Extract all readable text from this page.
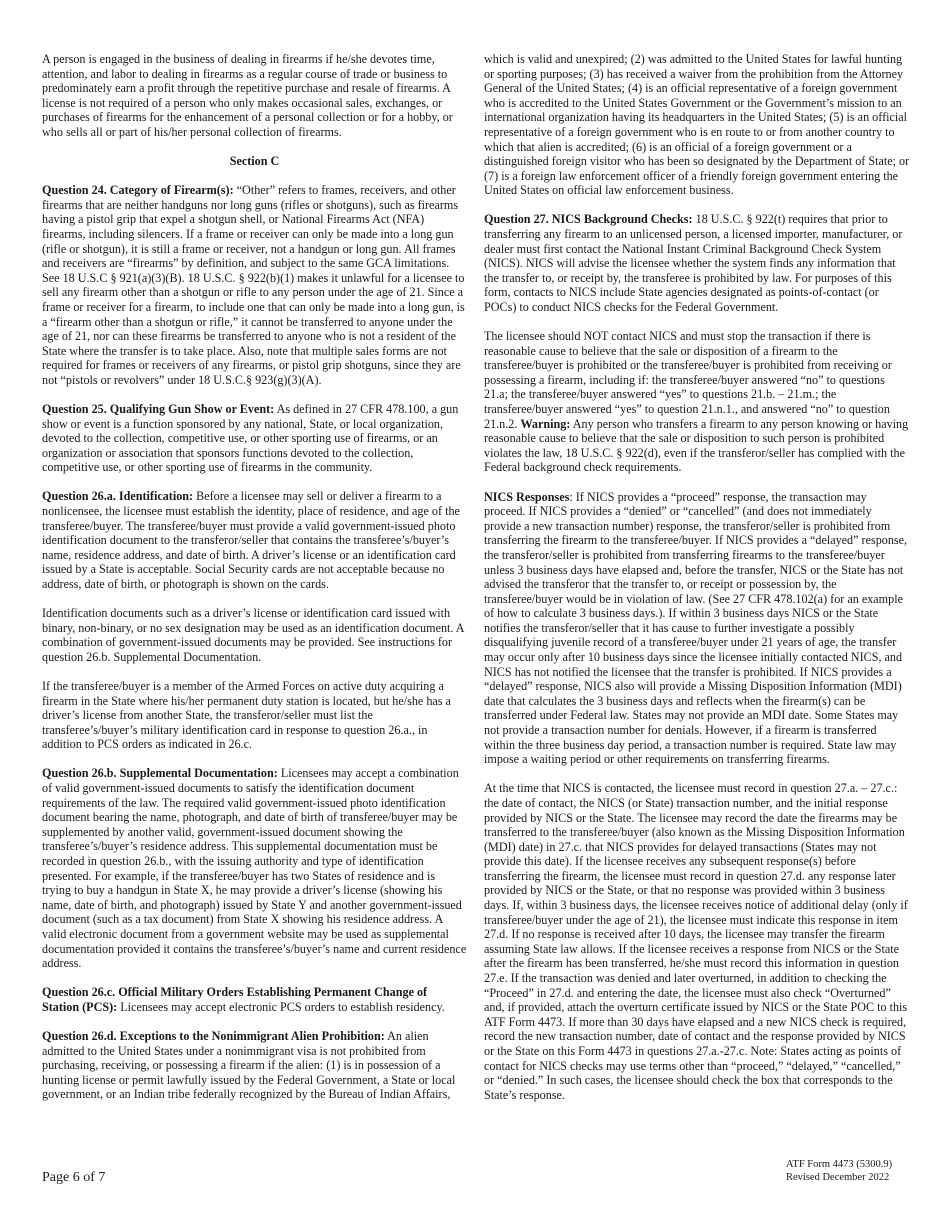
A person is engaged in the business of dealing in firearms if he/she devotes time, attention, and labor to dealing in firearms as a regular course of trade or business to predominately earn a profit through the repetitive purchase and resale of firearms. A license is not required of a person who only makes occasional sales, exchanges, or purchases of firearms for the enhancement of a personal collection or for a hobby, or who sells all or part of his/her personal collection of firearms.

Section C

Question 24. Category of Firearm(s): “Other” refers to frames, receivers, and other firearms that are neither handguns nor long guns (rifles or shotguns), such as firearms having a pistol grip that expel a shotgun shell, or National Firearms Act (NFA) firearms, including silencers. If a frame or receiver can only be made into a long gun (rifle or shotgun), it is still a frame or receiver, not a handgun or long gun. All frames and receivers are “firearms” by definition, and subject to the same GCA limitations. See 18 U.S.C § 921(a)(3)(B). 18 U.S.C. § 922(b)(1) makes it unlawful for a licensee to sell any firearm other than a shotgun or rifle to any person under the age of 21. Since a frame or receiver for a firearm, to include one that can only be made into a long gun, is a “firearm other than a shotgun or rifle,” it cannot be transferred to anyone under the age of 21, nor can these firearms be transferred to anyone who is not a resident of the State where the transfer is to take place. Also, note that multiple sales forms are not required for frames or receivers of any firearms, or pistol grip shotguns, since they are not “pistols or revolvers” under 18 U.S.C.§ 923(g)(3)(A).

Question 25. Qualifying Gun Show or Event: As defined in 27 CFR 478.100, a gun show or event is a function sponsored by any national, State, or local organization, devoted to the collection, competitive use, or other sporting use of firearms, or an organization or association that sponsors functions devoted to the collection, competitive use, or other sporting use of firearms in the community.

Question 26.a. Identification: Before a licensee may sell or deliver a firearm to a nonlicensee, the licensee must establish the identity, place of residence, and age of the transferee/buyer. The transferee/buyer must provide a valid government-issued photo identification document to the transferor/seller that contains the transferee’s/buyer’s name, residence address, and date of birth. A driver’s license or an identification card issued by a State is acceptable. Social Security cards are not acceptable because no address, date of birth, or photograph is shown on the cards.

Identification documents such as a driver’s license or identification card issued with binary, non-binary, or no sex designation may be used as an identification document. A combination of government-issued documents may be provided. See instructions for question 26.b. Supplemental Documentation.

If the transferee/buyer is a member of the Armed Forces on active duty acquiring a firearm in the State where his/her permanent duty station is located, but he/she has a driver’s license from another State, the transferor/seller must list the transferee’s/buyer’s military identification card in response to question 26.a., in addition to PCS orders as indicated in 26.c.

Question 26.b. Supplemental Documentation: Licensees may accept a combination of valid government-issued documents to satisfy the identification document requirements of the law. The required valid government-issued photo identification document bearing the name, photograph, and date of birth of transferee/buyer may be supplemented by another valid, government-issued document showing the transferee’s/buyer’s residence address. This supplemental documentation must be recorded in question 26.b., with the issuing authority and type of identification presented. For example, if the transferee/buyer has two States of residence and is trying to buy a handgun in State X, he may provide a driver’s license (showing his name, date of birth, and photograph) issued by State Y and another government-issued document (such as a tax document) from State X showing his residence address. A valid electronic document from a government website may be used as supplemental documentation provided it contains the transferee’s/buyer’s name and current residence address.

Question 26.c. Official Military Orders Establishing Permanent Change of Station (PCS): Licensees may accept electronic PCS orders to establish residency.

Question 26.d. Exceptions to the Nonimmigrant Alien Prohibition: An alien admitted to the United States under a nonimmigrant visa is not prohibited from purchasing, receiving, or possessing a firearm if the alien: (1) is in possession of a hunting license or permit lawfully issued by the Federal Government, a State or local government, or an Indian tribe federally recognized by the Bureau of Indian Affairs,

which is valid and unexpired; (2) was admitted to the United States for lawful hunting or sporting purposes; (3) has received a waiver from the prohibition from the Attorney General of the United States; (4) is an official representative of a foreign government who is accredited to the United States Government or the Government’s mission to an international organization having its headquarters in the United States; (5) is an official representative of a foreign government who is en route to or from another country to which that alien is accredited; (6) is an official of a foreign government or a distinguished foreign visitor who has been so designated by the Department of State; or (7) is a foreign law enforcement officer of a friendly foreign government entering the United States on official law enforcement business.

Question 27. NICS Background Checks: 18 U.S.C. § 922(t) requires that prior to transferring any firearm to an unlicensed person, a licensed importer, manufacturer, or dealer must first contact the National Instant Criminal Background Check System (NICS). NICS will advise the licensee whether the system finds any information that the transfer to, or receipt by, the transferee is prohibited by law. For purposes of this form, contacts to NICS include State agencies designated as points-of-contact (or POCs) to conduct NICS checks for the Federal Government.

The licensee should NOT contact NICS and must stop the transaction if there is reasonable cause to believe that the sale or disposition of a firearm to the transferee/buyer is prohibited or the transferee/buyer is prohibited from receiving or possessing a firearm, including if: the transferee/buyer answered “no” to questions 21.a; the transferee/buyer answered “yes” to questions 21.b. – 21.m.; the transferee/buyer answered “yes” to question 21.n.1., and answered “no” to question 21.n.2. Warning: Any person who transfers a firearm to any person knowing or having reasonable cause to believe that the sale or disposition to such person is prohibited violates the law, 18 U.S.C. § 922(d), even if the transferor/seller has complied with the Federal background check requirements.

NICS Responses: If NICS provides a “proceed” response, the transaction may proceed. If NICS provides a “denied” or “cancelled” (and does not immediately provide a new transaction number) response, the transferor/seller is prohibited from transferring the firearm to the transferee/buyer. If NICS provides a “delayed” response, the transferor/seller is prohibited from transferring firearms to the transferee/buyer unless 3 business days have elapsed and, before the transfer, NICS or the State has not advised the transferor that the transfer to, or receipt or possession by, the transferee/buyer would be in violation of law. (See 27 CFR 478.102(a) for an example of how to calculate 3 business days.). If within 3 business days NICS or the State notifies the transferor/seller that it has cause to further investigate a possibly disqualifying juvenile record of a transferee/buyer under 21 years of age, the transfer may occur only after 10 business days since the licensee initially contacted NICS, and NICS has not notified the licensee that the transfer is prohibited. If NICS provides a “delayed” response, NICS also will provide a Missing Disposition Information (MDI) date that calculates the 3 business days and reflects when the firearm(s) can be transferred under Federal law. States may not provide an MDI date. Some States may not provide a transaction number for denials. However, if a firearm is transferred within the three business day period, a transaction number is required. State law may impose a waiting period or other requirements on transferring firearms.

At the time that NICS is contacted, the licensee must record in question 27.a. – 27.c.: the date of contact, the NICS (or State) transaction number, and the initial response provided by NICS or the State. The licensee may record the date the firearms may be transferred to the transferee/buyer (also known as the Missing Disposition Information (MDI) date) in 27.c. that NICS provides for delayed transactions (States may not provide this date). If the licensee receives any subsequent response(s) before transferring the firearm, the licensee must record in question 27.d. any response later provided by NICS or the State, or that no response was provided within 3 business days. If, within 3 business days, the licensee receives notice of additional delay (only if transferee/buyer under the age of 21), the licensee must indicate this response in item 27.d. If no response is received after 10 days, the licensee may transfer the firearm assuming State law allows. If the licensee receives a response from NICS or the State after the firearm has been transferred, he/she must record this information in question 27.e. If the transaction was denied and later overturned, in addition to checking the “Proceed” in 27.d. and entering the date, the licensee must also check “Overturned” and, if provided, attach the overturn certificate issued by NICS or the State POC to this ATF Form 4473. If more than 30 days have elapsed and a new NICS check is required, record the new transaction number, date of contact and the response provided by NICS or the State on this Form 4473 in questions 27.a.-27.c. Note: States acting as points of contact for NICS checks may use terms other than “proceed,” “delayed,” “cancelled,” or “denied.” In such cases, the licensee should check the box that corresponds to the State’s response.

Page 6 of 7
ATF Form 4473 (5300.9)
Revised December 2022
